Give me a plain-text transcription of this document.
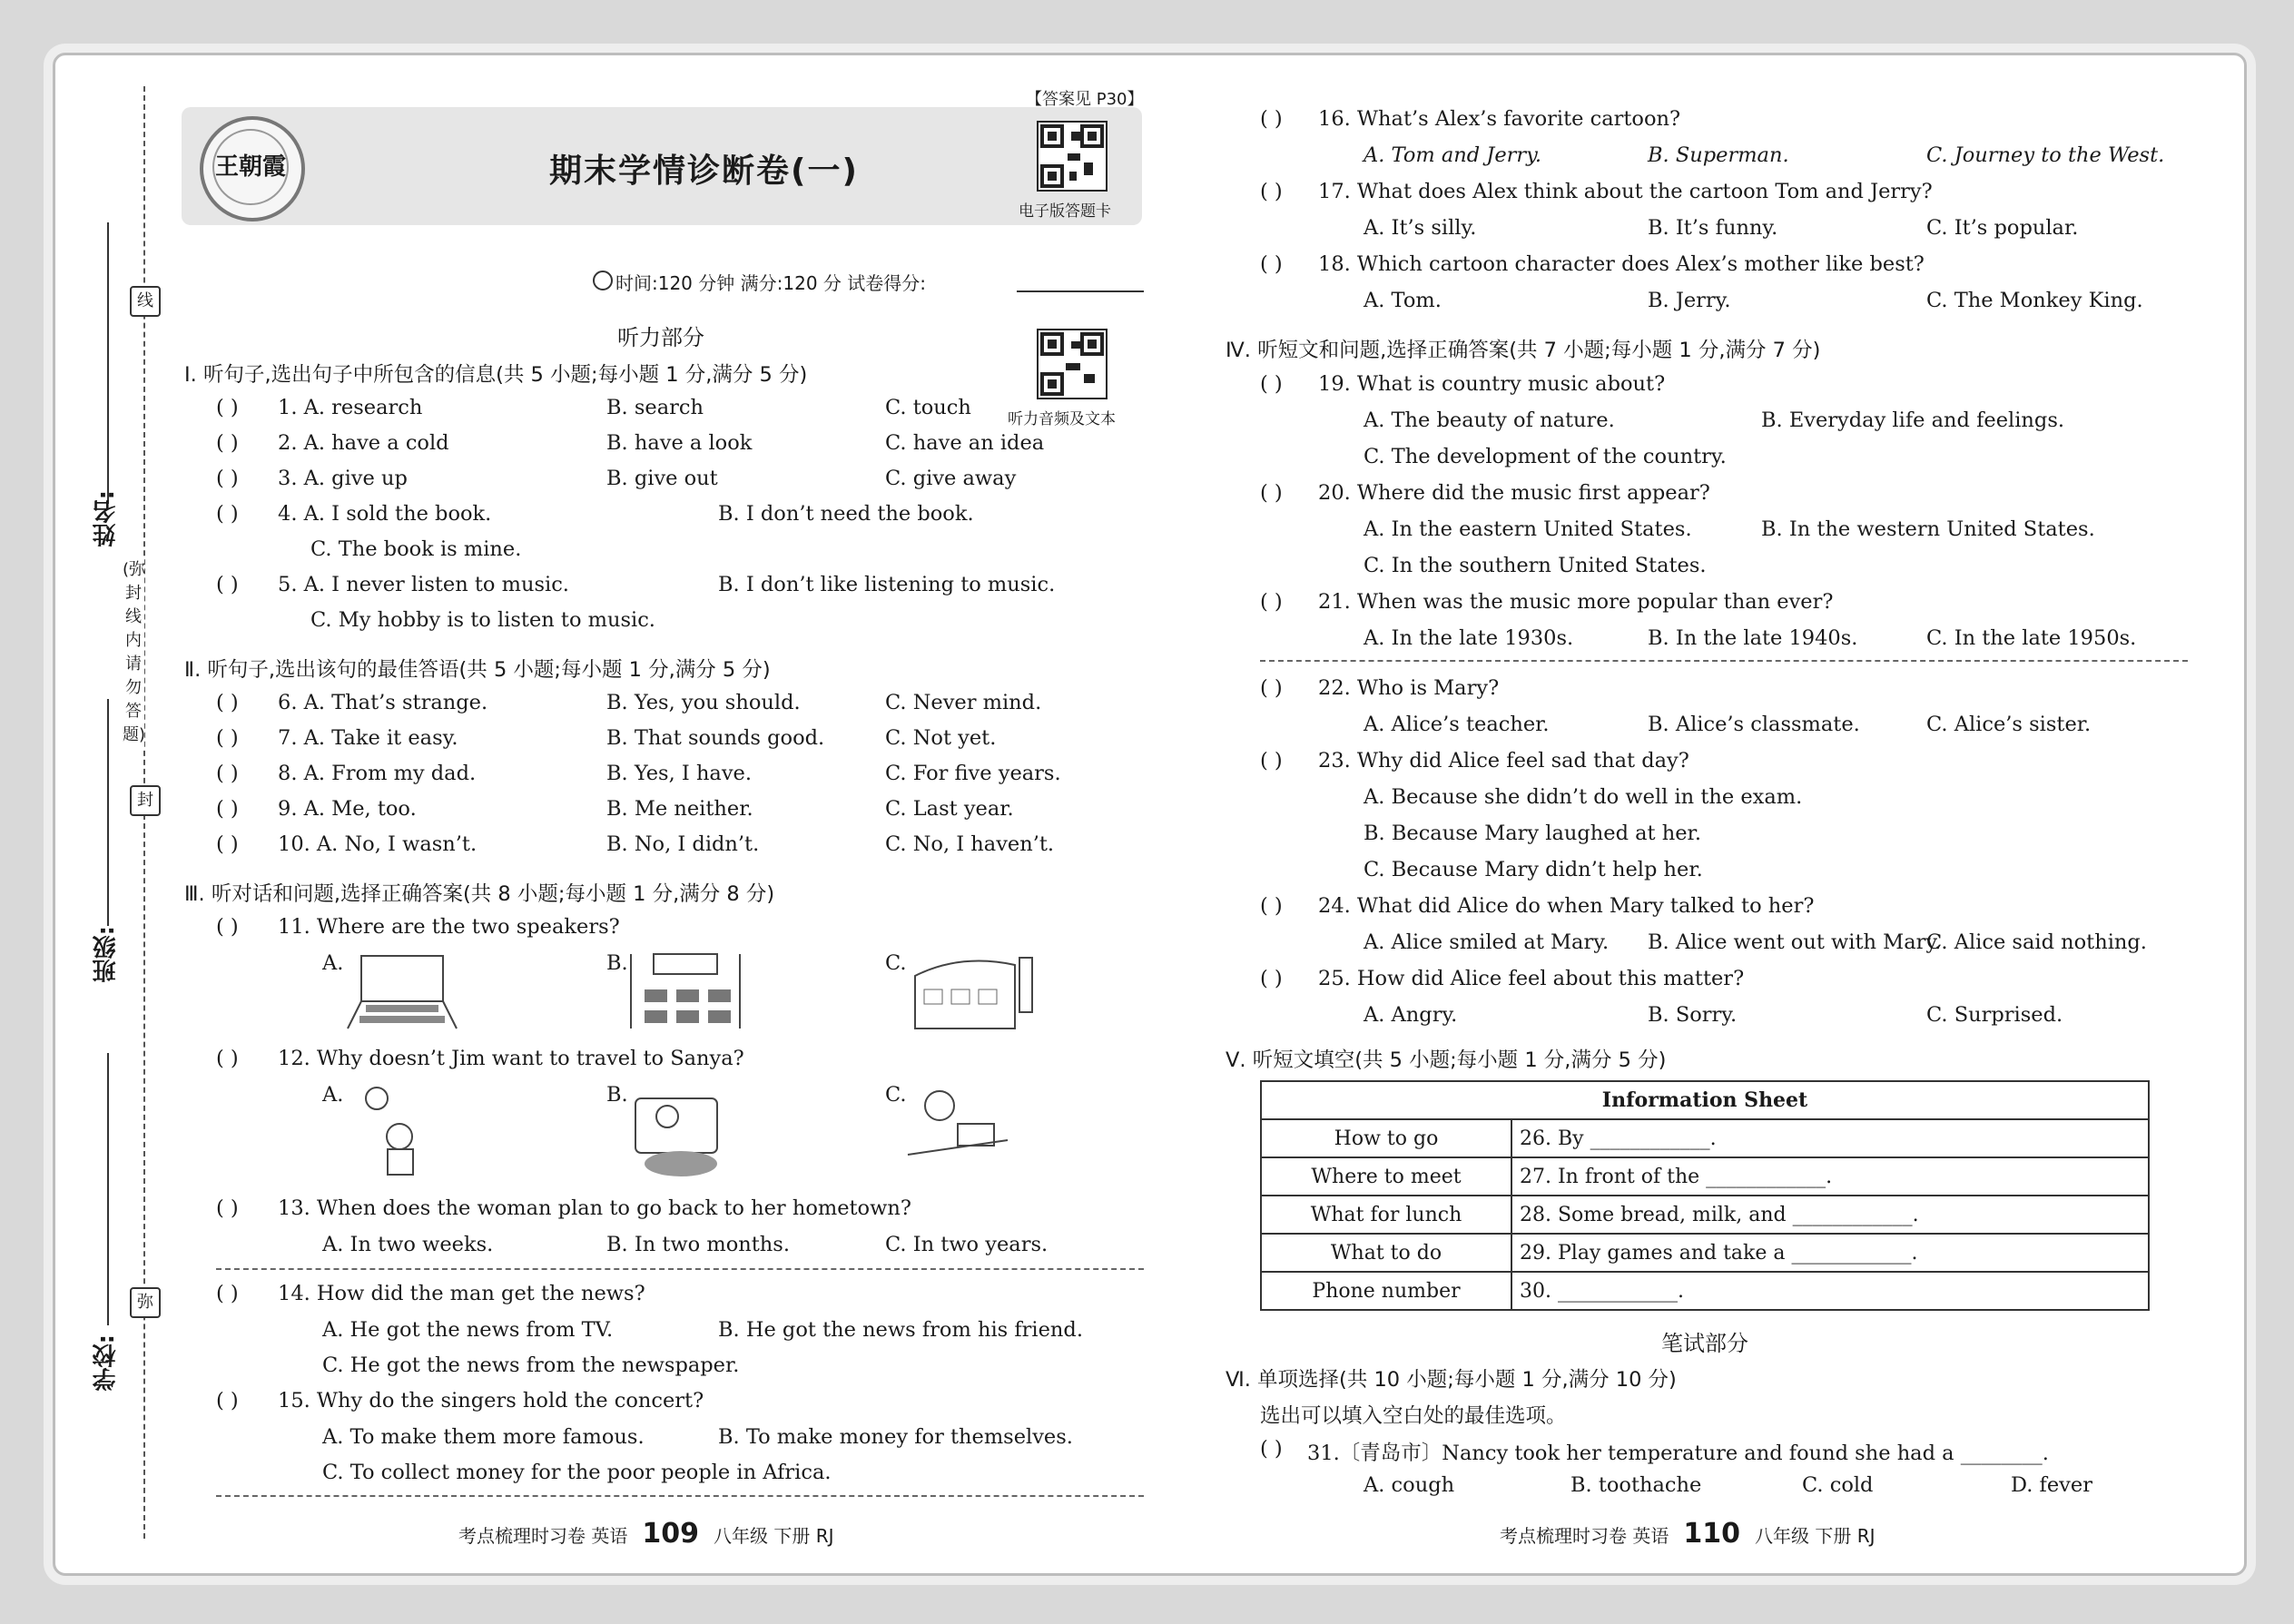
姓名:
班级:
学校:
线
封
弥
(弥封线内请勿答题)
王朝霞	期末学情诊断卷(一)
【答案见 P30】
电子版答题卡
时间:120 分钟 满分:120 分 试卷得分:
听力部分
听力音频及文本
Ⅰ. 听句子,选出句子中所包含的信息(共 5 小题;每小题 1 分,满分 5 分)
( ) 1. A. research	B. search	C. touch
( ) 2. A. have a cold	B. have a look	C. have an idea
( ) 3. A. give up	B. give out	C. give away
( ) 4. A. I sold the book.	B. I don’t need the book.
C. The book is mine.
( ) 5. A. I never listen to music.	B. I don’t like listening to music.
C. My hobby is to listen to music.
Ⅱ. 听句子,选出该句的最佳答语(共 5 小题;每小题 1 分,满分 5 分)
( ) 6. A. That’s strange.	B. Yes, you should.	C. Never mind.
( ) 7. A. Take it easy.	B. That sounds good.	C. Not yet.
( ) 8. A. From my dad.	B. Yes, I have.	C. For five years.
( ) 9. A. Me, too.	B. Me neither.	C. Last year.
( ) 10. A. No, I wasn’t.	B. No, I didn’t.	C. No, I haven’t.
Ⅲ. 听对话和问题,选择正确答案(共 8 小题;每小题 1 分,满分 8 分)
( ) 11. Where are the two speakers?
A.	B.	C.
( ) 12. Why doesn’t Jim want to travel to Sanya?
A.	B.	C.
( ) 13. When does the woman plan to go back to her hometown?
A. In two weeks.	B. In two months.	C. In two years.
( ) 14. How did the man get the news?
A. He got the news from TV.	B. He got the news from his friend.
C. He got the news from the newspaper.
( ) 15. Why do the singers hold the concert?
A. To make them more famous.	B. To make money for themselves.
C. To collect money for the poor people in Africa.
考点梳理时习卷 英语 109 八年级 下册 RJ
( ) 16. What’s Alex’s favorite cartoon?
A. Tom and Jerry.	B. Superman.	C. Journey to the West.
( ) 17. What does Alex think about the cartoon Tom and Jerry?
A. It’s silly.	B. It’s funny.	C. It’s popular.
( ) 18. Which cartoon character does Alex’s mother like best?
A. Tom.	B. Jerry.	C. The Monkey King.
Ⅳ. 听短文和问题,选择正确答案(共 7 小题;每小题 1 分,满分 7 分)
( ) 19. What is country music about?
A. The beauty of nature.	B. Everyday life and feelings.
C. The development of the country.
( ) 20. Where did the music first appear?
A. In the eastern United States.	B. In the western United States.
C. In the southern United States.
( ) 21. When was the music more popular than ever?
A. In the late 1930s.	B. In the late 1940s.	C. In the late 1950s.
( ) 22. Who is Mary?
A. Alice’s teacher.	B. Alice’s classmate.	C. Alice’s sister.
( ) 23. Why did Alice feel sad that day?
A. Because she didn’t do well in the exam.
B. Because Mary laughed at her.
C. Because Mary didn’t help her.
( ) 24. What did Alice do when Mary talked to her?
A. Alice smiled at Mary. B. Alice went out with Mary.
C. Alice said nothing.
( ) 25. How did Alice feel about this matter?
A. Angry.	B. Sorry.	C. Surprised.
Ⅴ. 听短文填空(共 5 小题;每小题 1 分,满分 5 分)
Information Sheet	
How to go	26. By ____________.
Where to meet	27. In front of the ____________.
What for lunch	28. Some bread, milk, and ____________.
What to do	29. Play games and take a ____________.
Phone number	30. ____________.
笔试部分
Ⅵ. 单项选择(共 10 小题;每小题 1 分,满分 10 分)
选出可以填入空白处的最佳选项。
( ) 31.〔青岛市〕Nancy took her temperature and found she had a ________.
A. cough	B. toothache	C. cold	D. fever
考点梳理时习卷 英语 110 八年级 下册 RJ
